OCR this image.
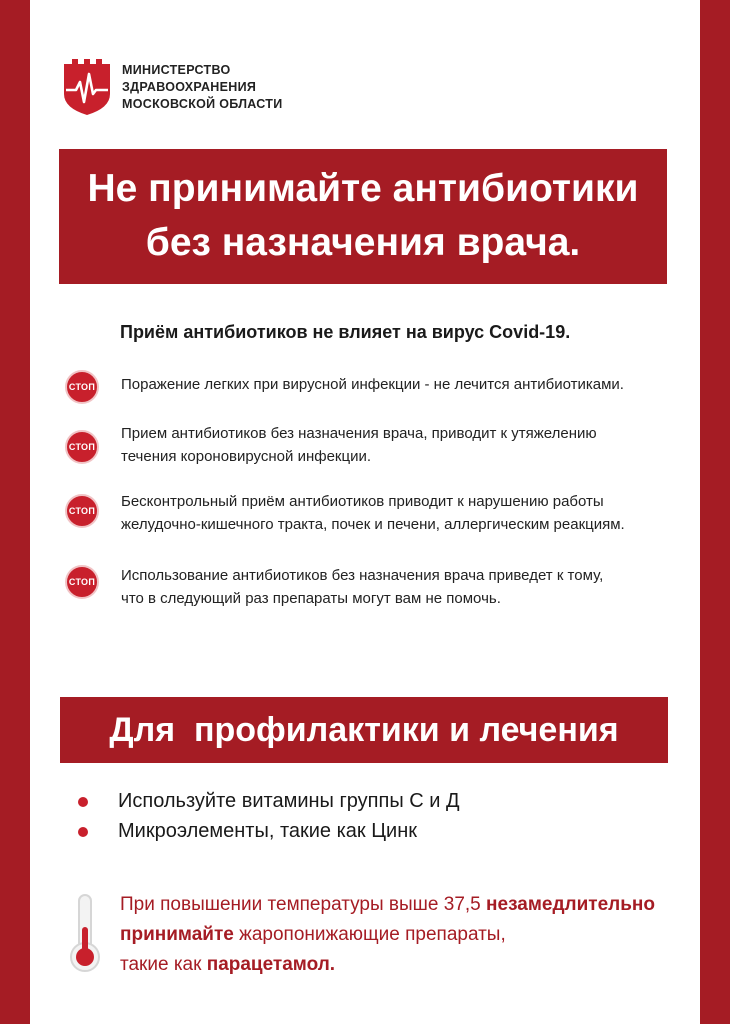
МИНИСТЕРСТВО
ЗДРАВООХРАНЕНИЯ
МОСКОВСКОЙ ОБЛАСТИ
Не принимайте антибиотики
без назначения врача.
Приём антибиотиков не влияет на вирус Covid-19.
СТОП Поражение легких при вирусной инфекции - не лечится антибиотиками.
СТОП
Прием антибиотиков без назначения врача, приводит к утяжелению
течения короновирусной инфекции.
СТОП
Бесконтрольный приём антибиотиков приводит к нарушению работы
желудочно-кишечного тракта, почек и печени, аллергическим реакциям.
СТОП Использование антибиотиков без назначения врача приведет к тому,
что в следующий раз препараты могут вам не помочь.
Для  профилактики и лечения
Используйте витамины группы С и Д
Микроэлементы, такие как Цинк
При повышении температуры выше 37,5 незамедлительно
принимайте жаропонижающие препараты,
такие как парацетамол.
